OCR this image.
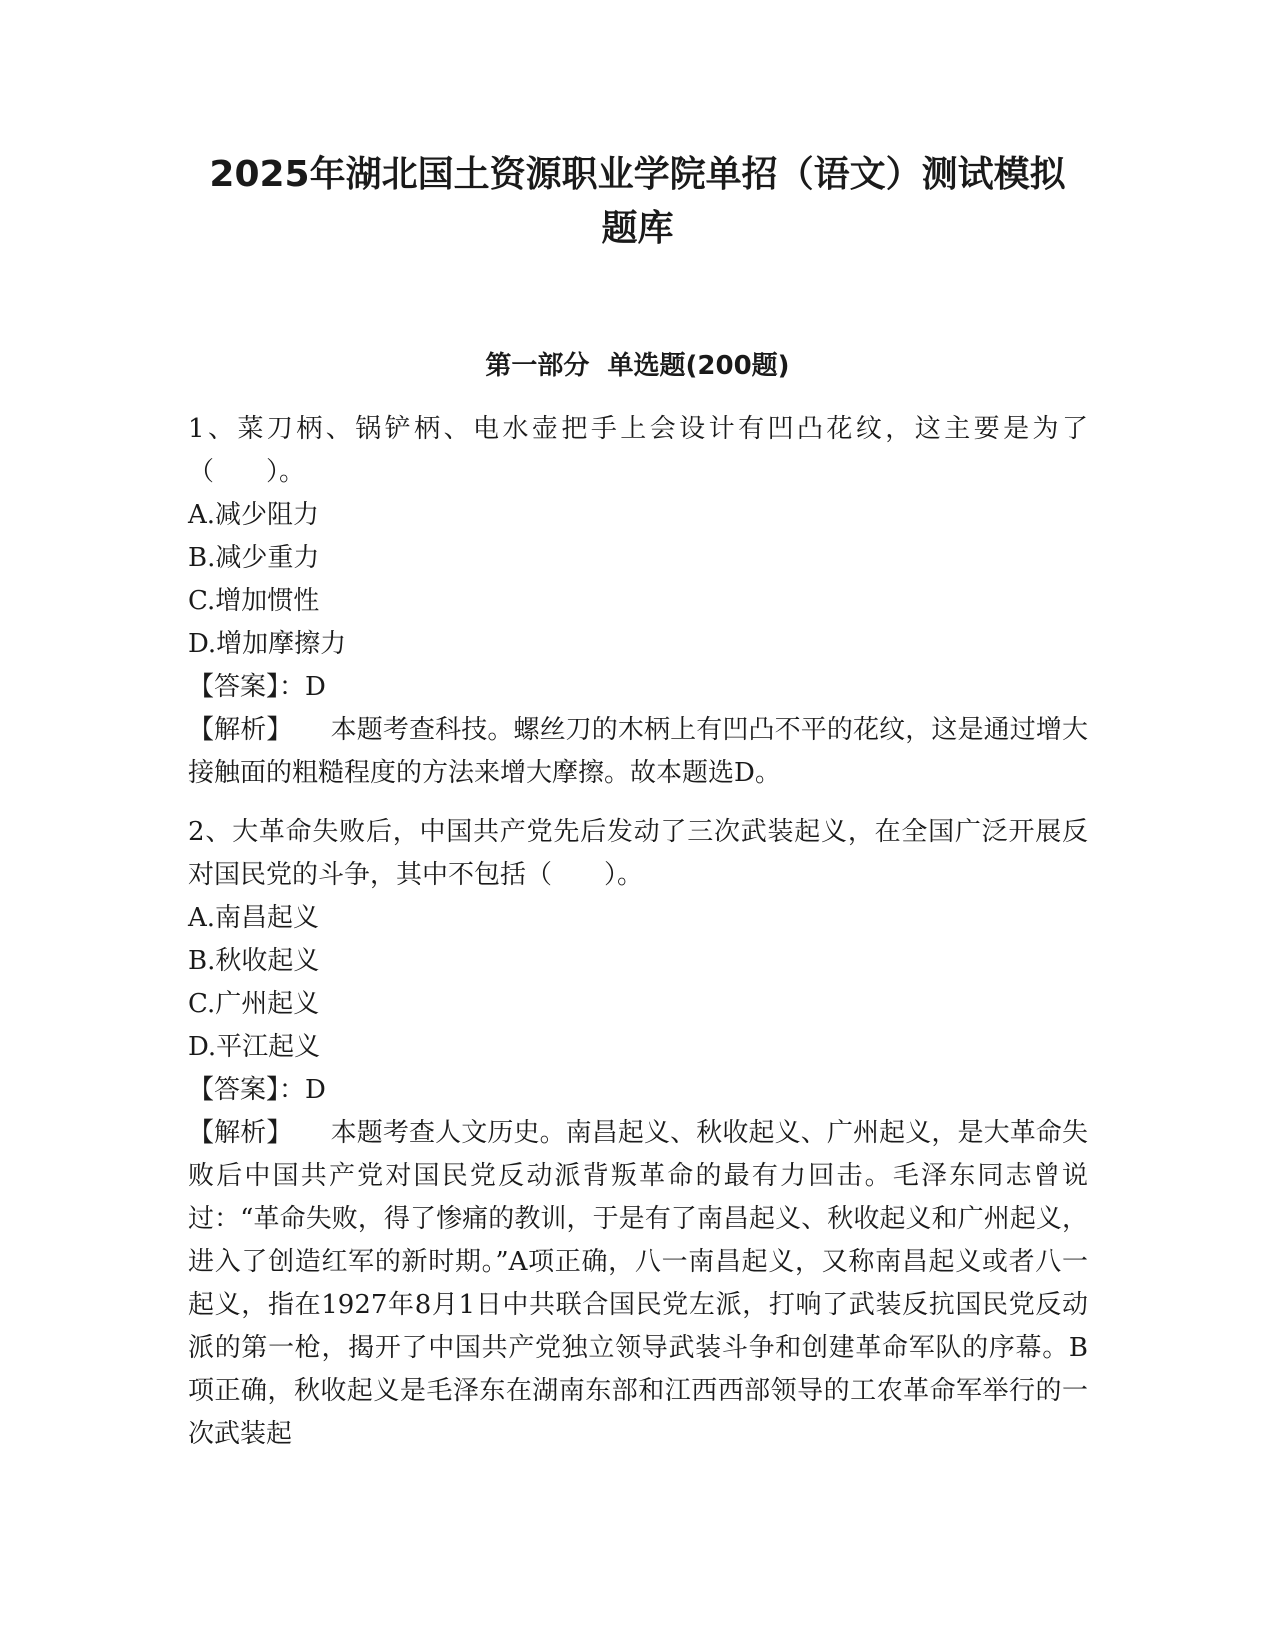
2025年湖北国土资源职业学院单招（语文）测试模拟
题库
第一部分  单选题(200题)

1、菜刀柄、锅铲柄、电水壶把手上会设计有凹凸花纹，这主要是为了（　　）。

A.减少阻力

B.减少重力

C.增加惯性

D.增加摩擦力

【答案】：D

【解析】 本题考查科技。螺丝刀的木柄上有凹凸不平的花纹，这是通过增大接触面的粗糙程度的方法来增大摩擦。故本题选D。

2、大革命失败后，中国共产党先后发动了三次武装起义，在全国广泛开展反对国民党的斗争，其中不包括（　　）。

A.南昌起义

B.秋收起义

C.广州起义

D.平江起义

【答案】：D

【解析】 本题考查人文历史。南昌起义、秋收起义、广州起义，是大革命失败后中国共产党对国民党反动派背叛革命的最有力回击。毛泽东同志曾说过：“革命失败，得了惨痛的教训，于是有了南昌起义、秋收起义和广州起义，进入了创造红军的新时期。”A项正确，八一南昌起义，又称南昌起义或者八一起义，指在1927年8月1日中共联合国民党左派，打响了武装反抗国民党反动派的第一枪，揭开了中国共产党独立领导武装斗争和创建革命军队的序幕。B项正确，秋收起义是毛泽东在湖南东部和江西西部领导的工农革命军举行的一次武装起
